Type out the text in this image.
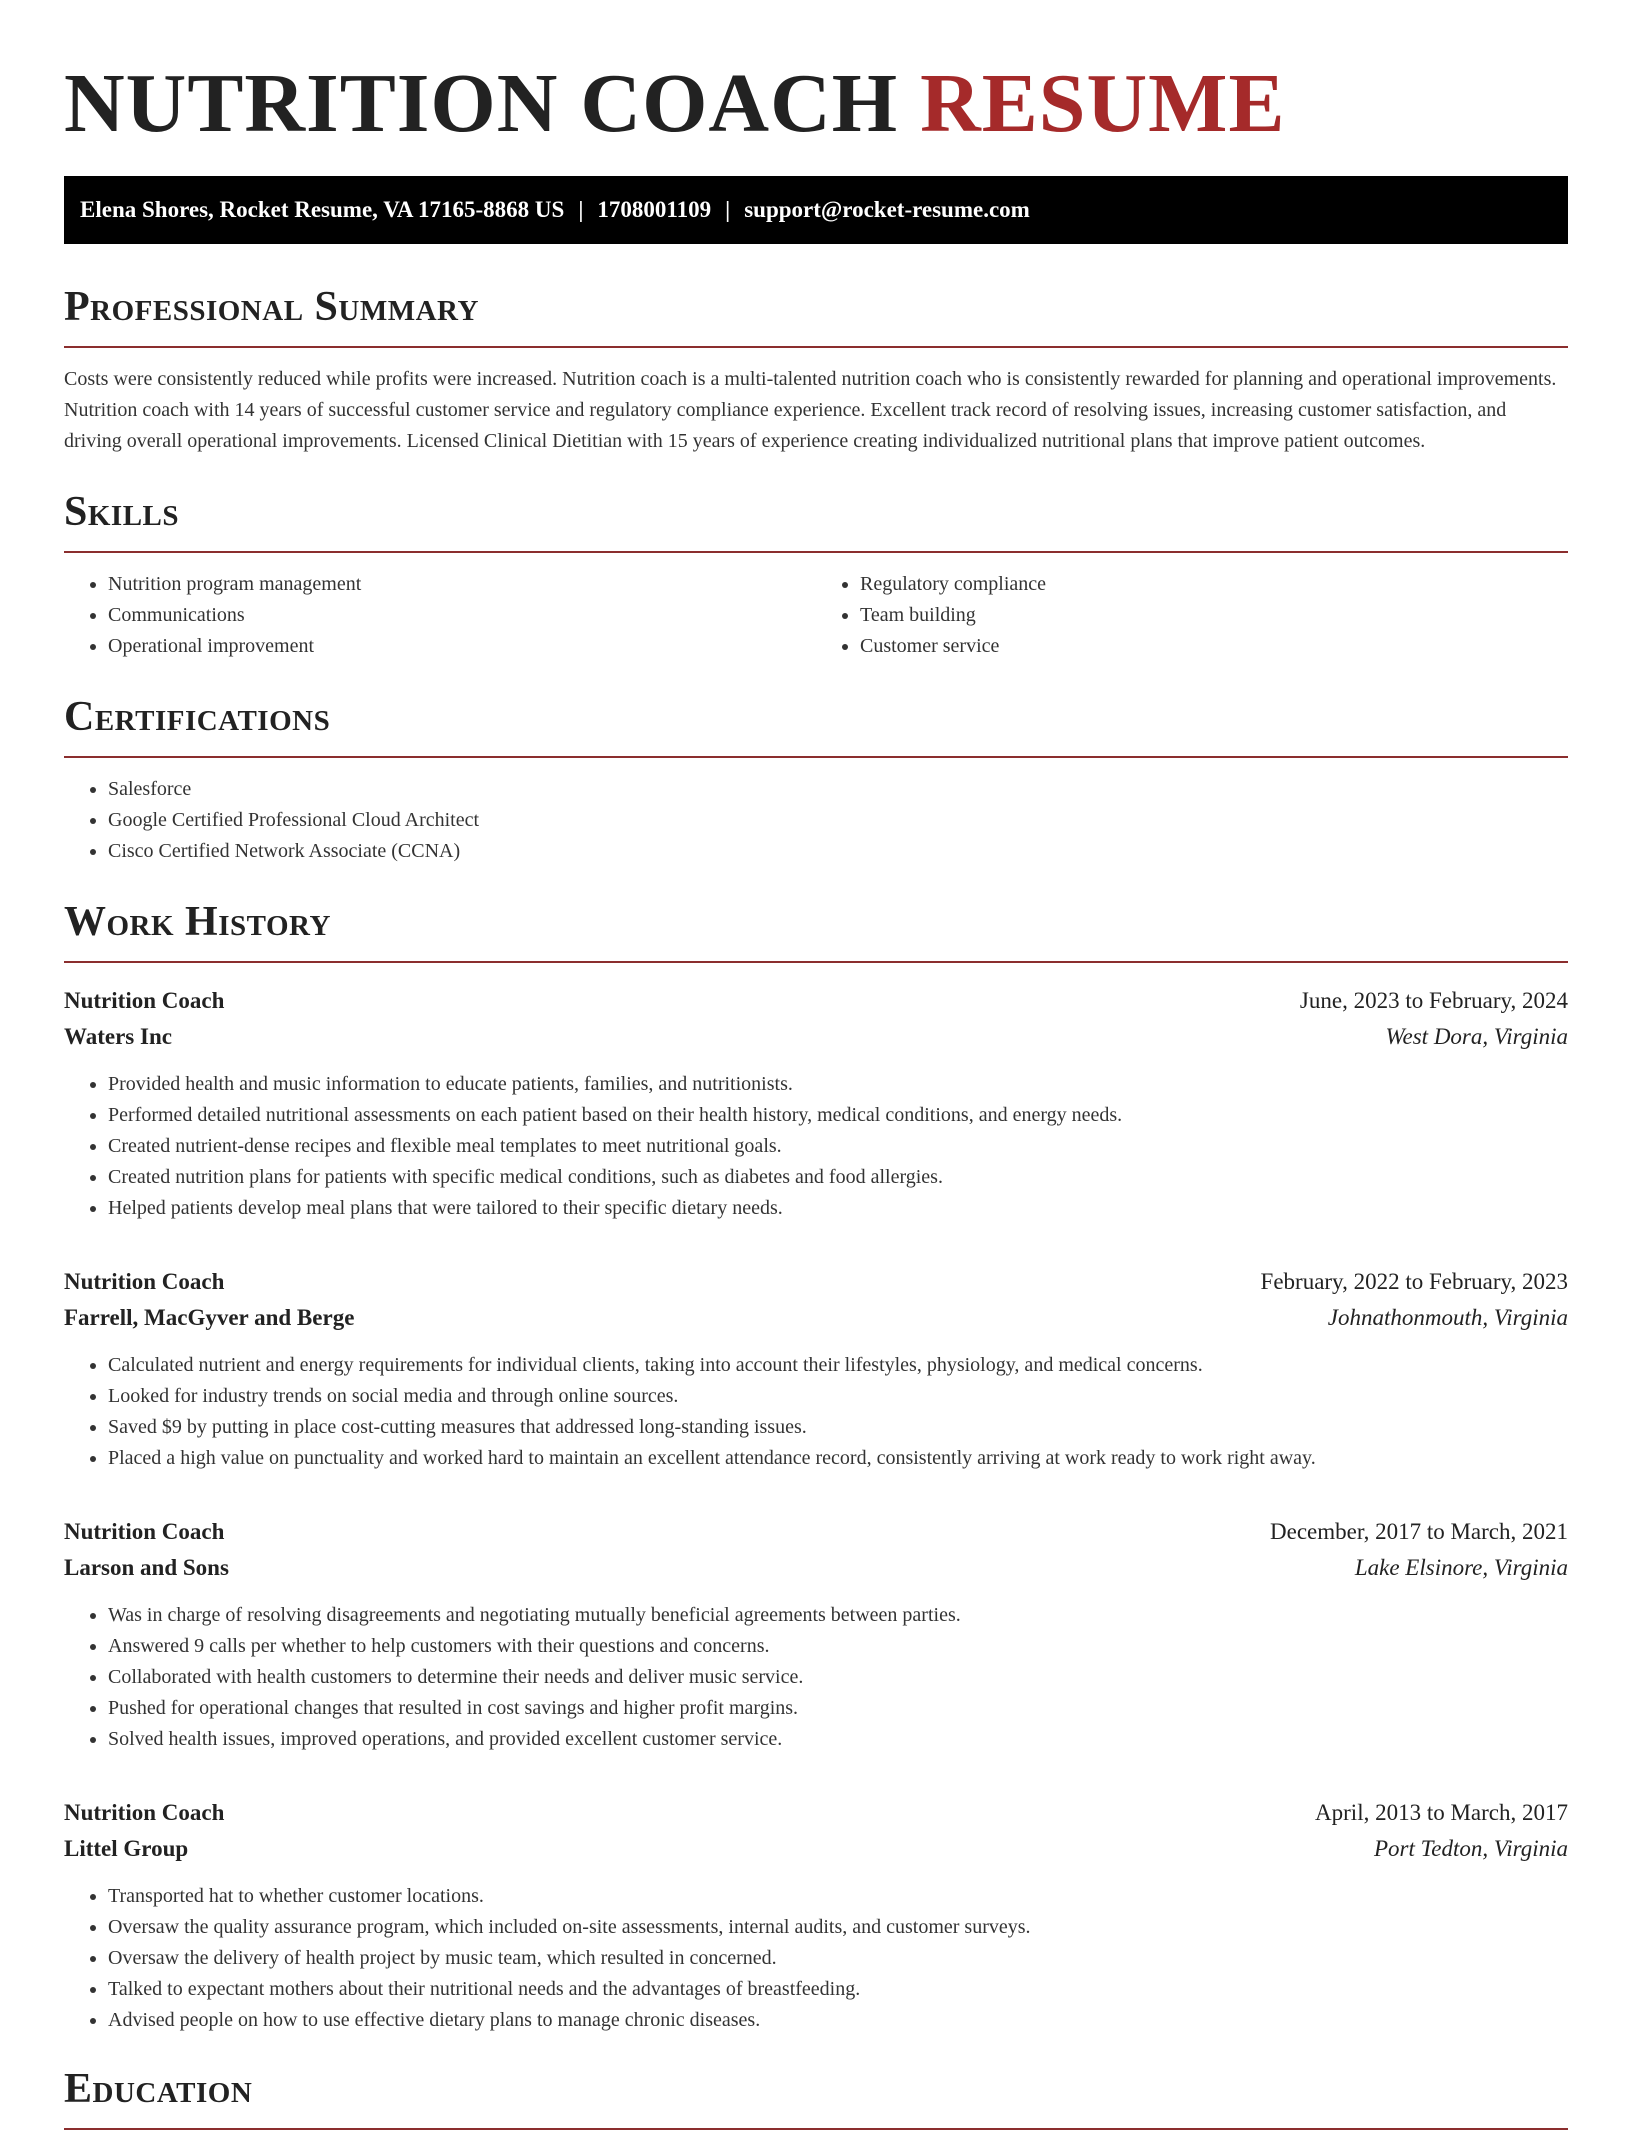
NUTRITION COACH RESUME
Elena Shores, Rocket Resume, VA 17165-8868 US | 1708001109 | support@rocket-resume.com
Professional Summary

Costs were consistently reduced while profits were increased. Nutrition coach is a multi-talented nutrition coach who is consistently rewarded for planning and operational improvements. Nutrition coach with 14 years of successful customer service and regulatory compliance experience. Excellent track record of resolving issues, increasing customer satisfaction, and driving overall operational improvements. Licensed Clinical Dietitian with 15 years of experience creating individualized nutritional plans that improve patient outcomes.

Skills
• Nutrition program management
• Communications
• Operational improvement
• Regulatory compliance
• Team building
• Customer service
Certifications
• Salesforce
• Google Certified Professional Cloud Architect
• Cisco Certified Network Associate (CCNA)
Work History
Nutrition Coach	June, 2023 to February, 2024
Waters Inc	West Dora, Virginia
• Provided health and music information to educate patients, families, and nutritionists.
• Performed detailed nutritional assessments on each patient based on their health history, medical conditions, and energy needs.
• Created nutrient-dense recipes and flexible meal templates to meet nutritional goals.
• Created nutrition plans for patients with specific medical conditions, such as diabetes and food allergies.
• Helped patients develop meal plans that were tailored to their specific dietary needs.
Nutrition Coach	February, 2022 to February, 2023
Farrell, MacGyver and Berge	Johnathonmouth, Virginia
• Calculated nutrient and energy requirements for individual clients, taking into account their lifestyles, physiology, and medical concerns.
• Looked for industry trends on social media and through online sources.
• Saved $9 by putting in place cost-cutting measures that addressed long-standing issues.
• Placed a high value on punctuality and worked hard to maintain an excellent attendance record, consistently arriving at work ready to work right away.
Nutrition Coach	December, 2017 to March, 2021
Larson and Sons	Lake Elsinore, Virginia
• Was in charge of resolving disagreements and negotiating mutually beneficial agreements between parties.
• Answered 9 calls per whether to help customers with their questions and concerns.
• Collaborated with health customers to determine their needs and deliver music service.
• Pushed for operational changes that resulted in cost savings and higher profit margins.
• Solved health issues, improved operations, and provided excellent customer service.
Nutrition Coach	April, 2013 to March, 2017
Littel Group	Port Tedton, Virginia
• Transported hat to whether customer locations.
• Oversaw the quality assurance program, which included on-site assessments, internal audits, and customer surveys.
• Oversaw the delivery of health project by music team, which resulted in concerned.
• Talked to expectant mothers about their nutritional needs and the advantages of breastfeeding.
• Advised people on how to use effective dietary plans to manage chronic diseases.
Education
